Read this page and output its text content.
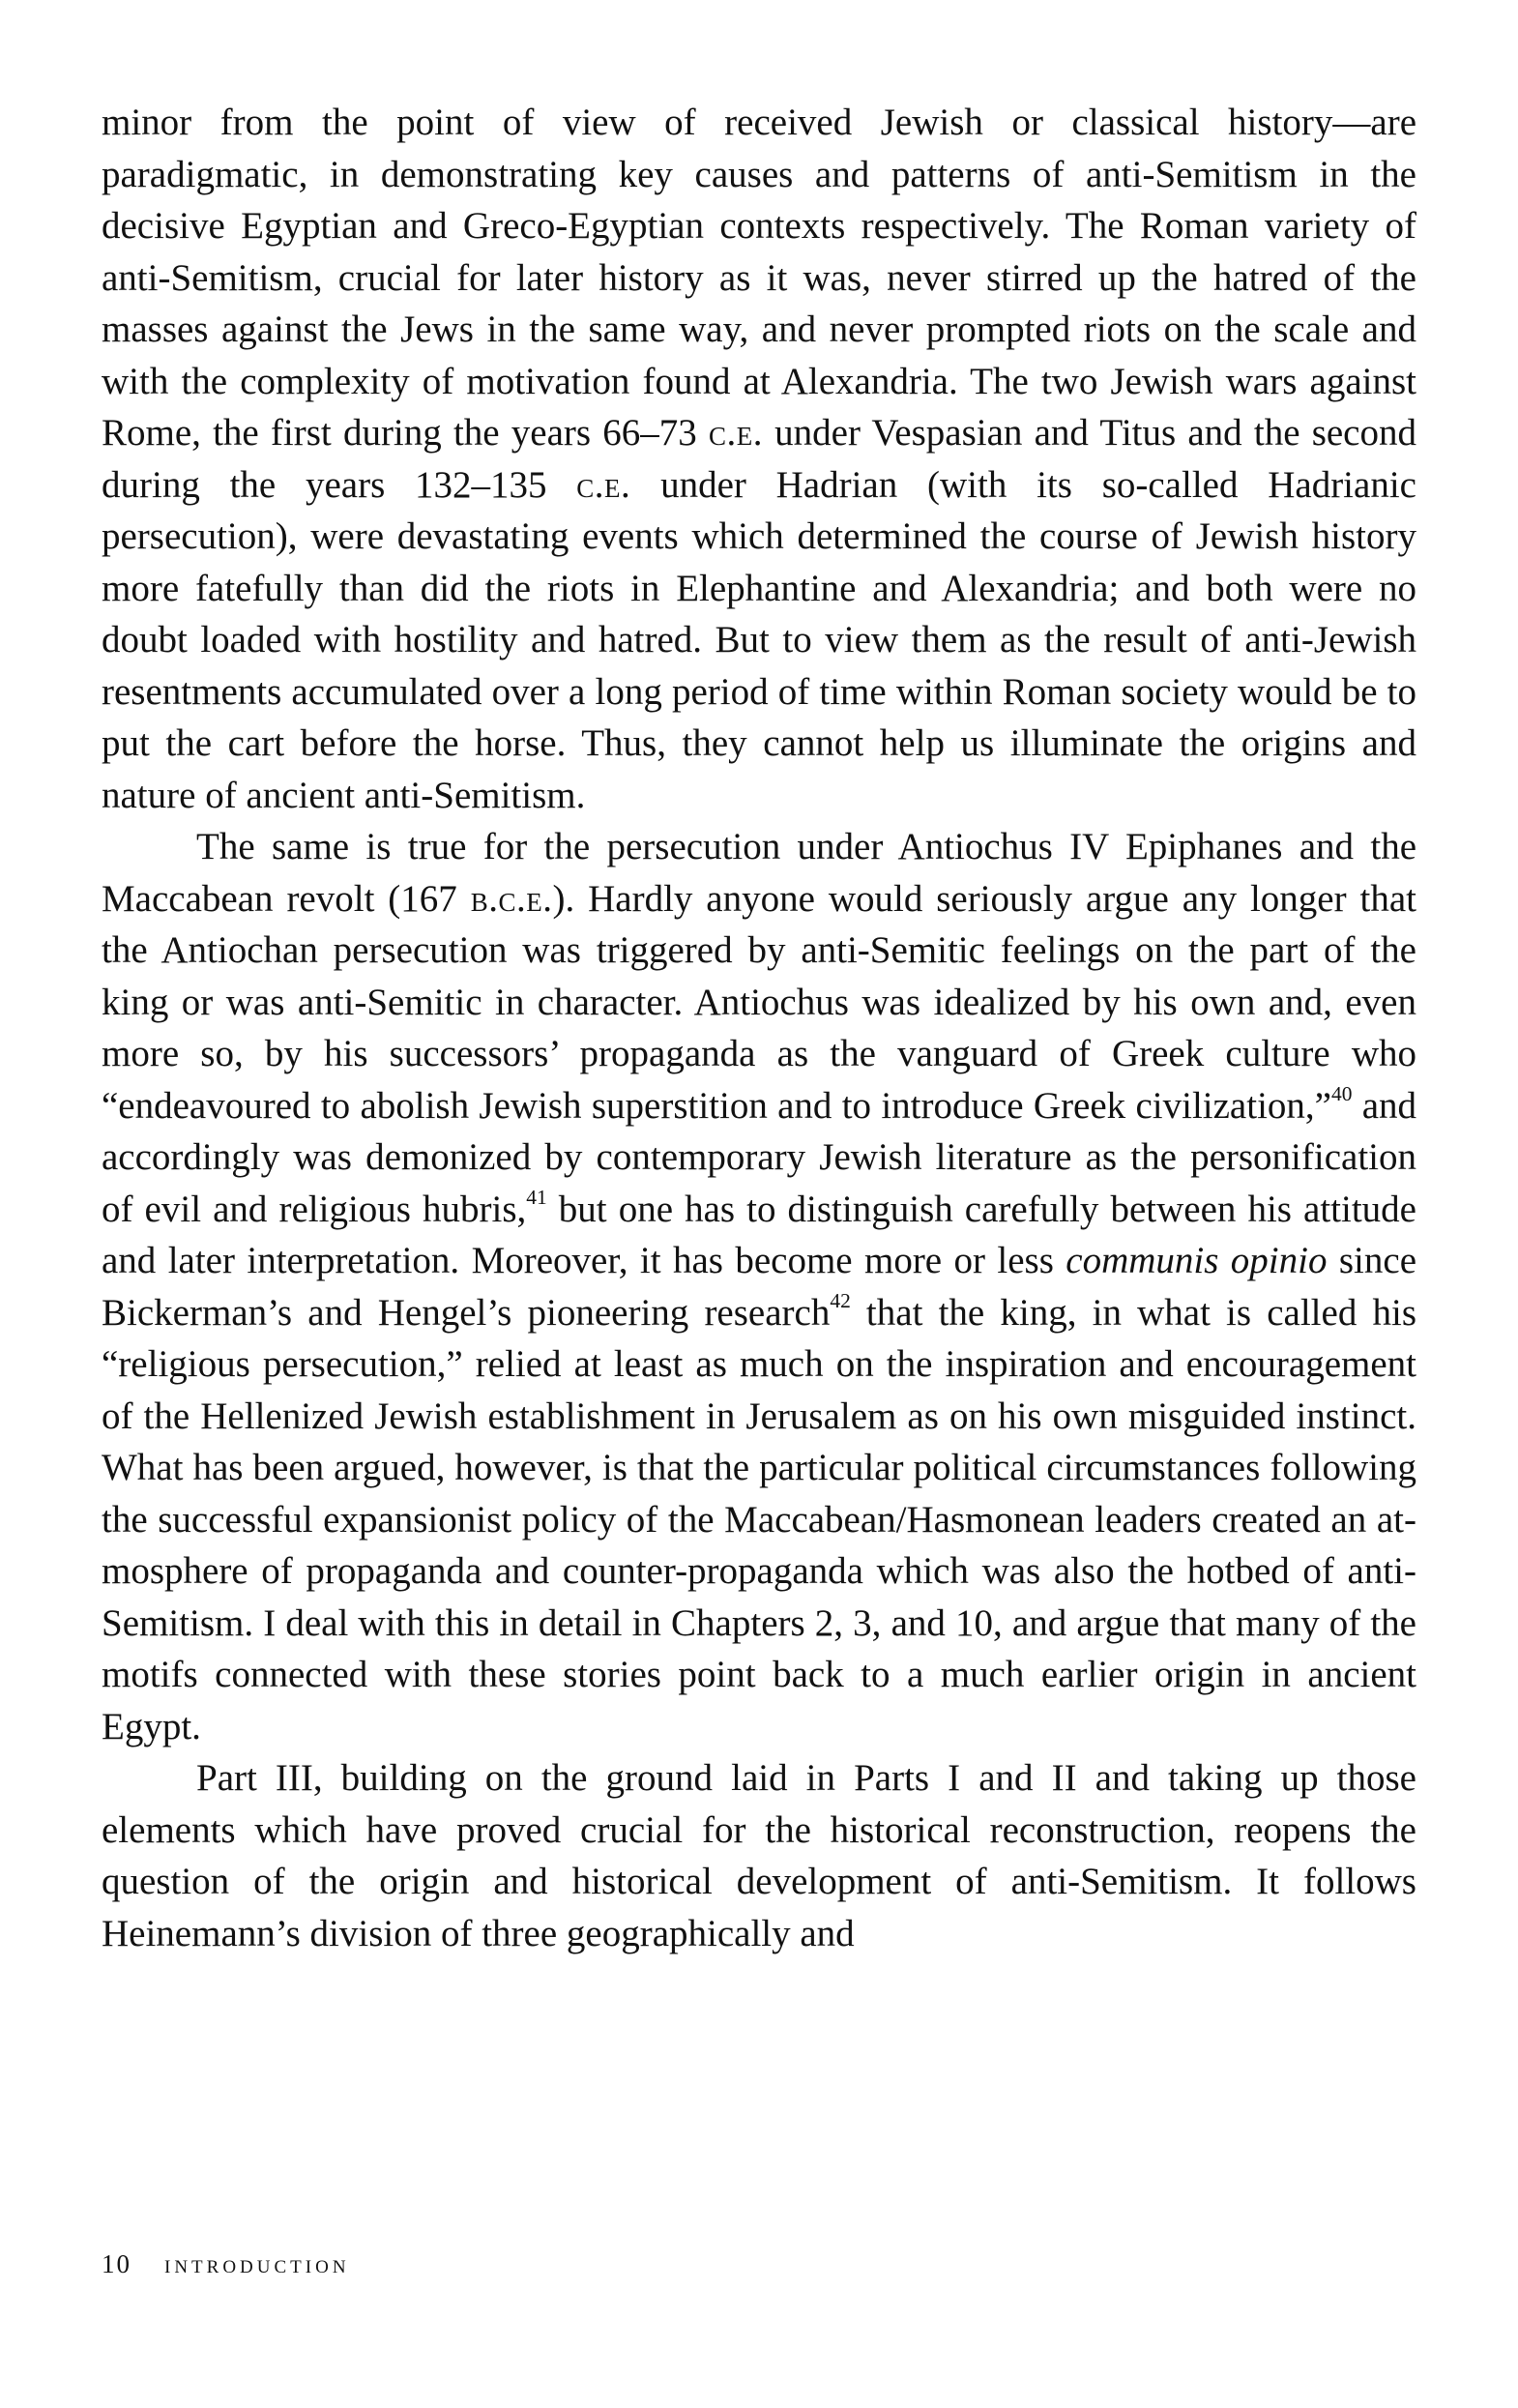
minor from the point of view of received Jewish or classical history—are paradigmatic, in demonstrating key causes and patterns of anti-Semitism in the decisive Egyptian and Greco-Egyptian contexts respectively. The Roman variety of anti-Semitism, crucial for later history as it was, never stirred up the hatred of the masses against the Jews in the same way, and never prompted riots on the scale and with the complexity of motivation found at Alexandria. The two Jewish wars against Rome, the first during the years 66–73 c.e. under Vespasian and Titus and the second during the years 132–135 c.e. under Hadrian (with its so-called Hadrianic persecution), were devastating events which determined the course of Jewish history more fatefully than did the riots in Elephantine and Alexandria; and both were no doubt loaded with hostility and hatred. But to view them as the result of anti-Jewish resentments accumulated over a long period of time within Roman society would be to put the cart before the horse. Thus, they cannot help us illuminate the origins and nature of ancient anti-Semitism.

The same is true for the persecution under Antiochus IV Epiphanes and the Maccabean revolt (167 b.c.e.). Hardly anyone would seriously argue any longer that the Antiochan persecution was triggered by anti-Semitic feelings on the part of the king or was anti-Semitic in character. Antiochus was idealized by his own and, even more so, by his successors’ propaganda as the vanguard of Greek culture who “endeavoured to abolish Jewish superstition and to introduce Greek civilization,”$^{40}$ and accordingly was demonized by contemporary Jewish literature as the personification of evil and religious hubris,$^{41}$ but one has to distinguish carefully between his attitude and later interpretation. Moreover, it has become more or less communis opinio since Bickerman’s and Hengel’s pioneering research$^{42}$ that the king, in what is called his “religious persecution,” relied at least as much on the inspiration and encouragement of the Hellenized Jewish establishment in Jerusalem as on his own misguided instinct. What has been argued, however, is that the particular political circumstances following the successful expansionist policy of the Maccabean/Hasmonean leaders created an atmosphere of propaganda and counter-propaganda which was also the hotbed of anti-Semitism. I deal with this in detail in Chapters 2, 3, and 10, and argue that many of the motifs connected with these stories point back to a much earlier origin in ancient Egypt.

Part III, building on the ground laid in Parts I and II and taking up those elements which have proved crucial for the historical reconstruction, reopens the question of the origin and historical development of anti-Semitism. It follows Heinemann’s division of three geographically and

10 introduction
